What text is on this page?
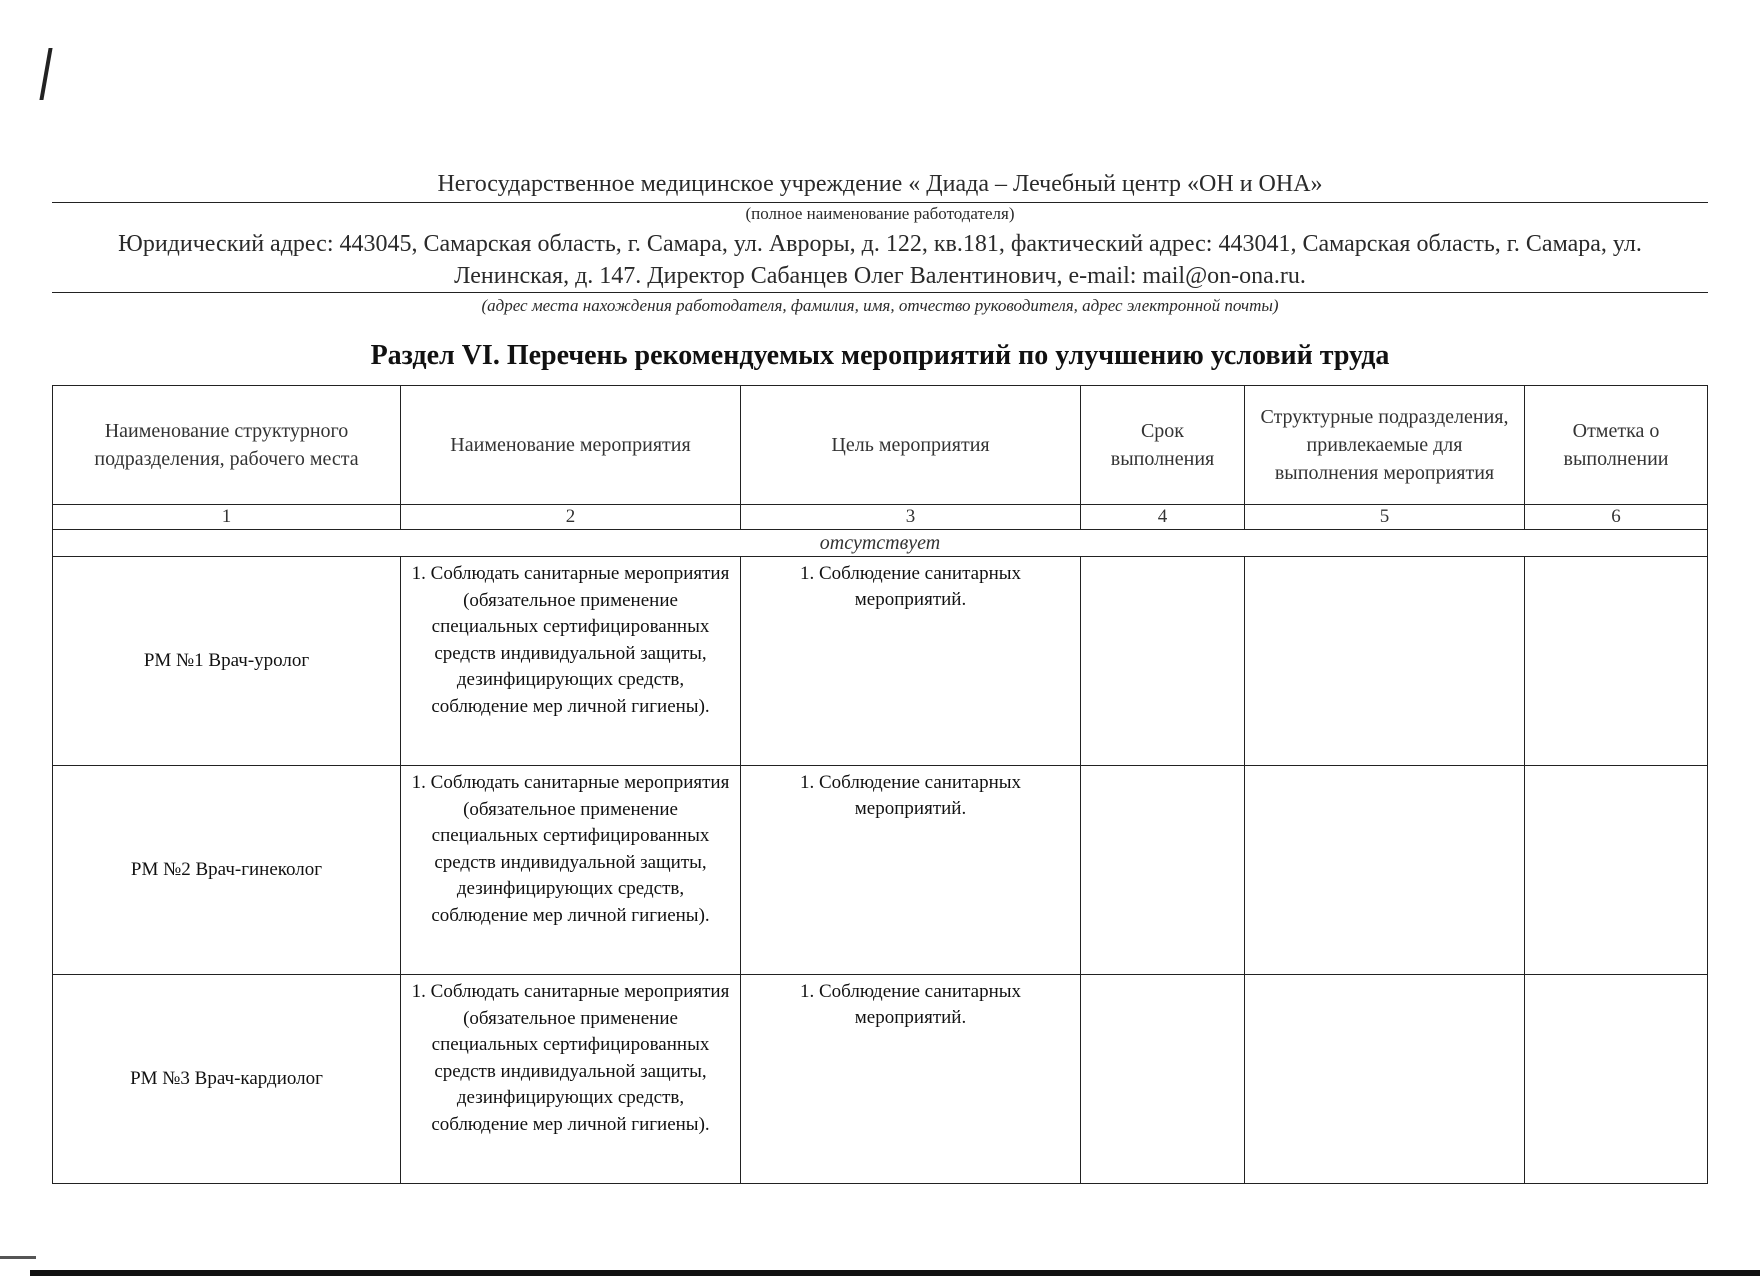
Негосударственное медицинское учреждение « Диада – Лечебный центр «ОН и ОНА»
(полное наименование работодателя)
Юридический адрес: 443045, Самарская область, г. Самара, ул. Авроры, д. 122, кв.181, фактический адрес: 443041, Самарская область, г. Самара, ул.
Ленинская, д. 147. Директор Сабанцев Олег Валентинович, e-mail: mail@on-ona.ru.
(адрес места нахождения работодателя, фамилия, имя, отчество руководителя, адрес электронной почты)
Раздел VI. Перечень рекомендуемых мероприятий по улучшению условий труда
Наименование структурного подразделения, рабочего места	Наименование мероприятия	Цель мероприятия	Срок выполнения	Структурные подразделения, привлекаемые для выполнения мероприятия	Отметка о выполнении
1	2	3	4	5	6
отсутствует					
РМ №1 Врач-уролог	1. Соблюдать санитарные мероприятия (обязательное применение специальных сертифицированных средств индивидуальной защиты, дезинфицирующих средств, соблюдение мер личной гигиены).	1. Соблюдение санитарных мероприятий.			
РМ №2 Врач-гинеколог	1. Соблюдать санитарные мероприятия (обязательное применение специальных сертифицированных средств индивидуальной защиты, дезинфицирующих средств, соблюдение мер личной гигиены).	1. Соблюдение санитарных мероприятий.			
РМ №3 Врач-кардиолог	1. Соблюдать санитарные мероприятия (обязательное применение специальных сертифицированных средств индивидуальной защиты, дезинфицирующих средств, соблюдение мер личной гигиены).	1. Соблюдение санитарных мероприятий.			
